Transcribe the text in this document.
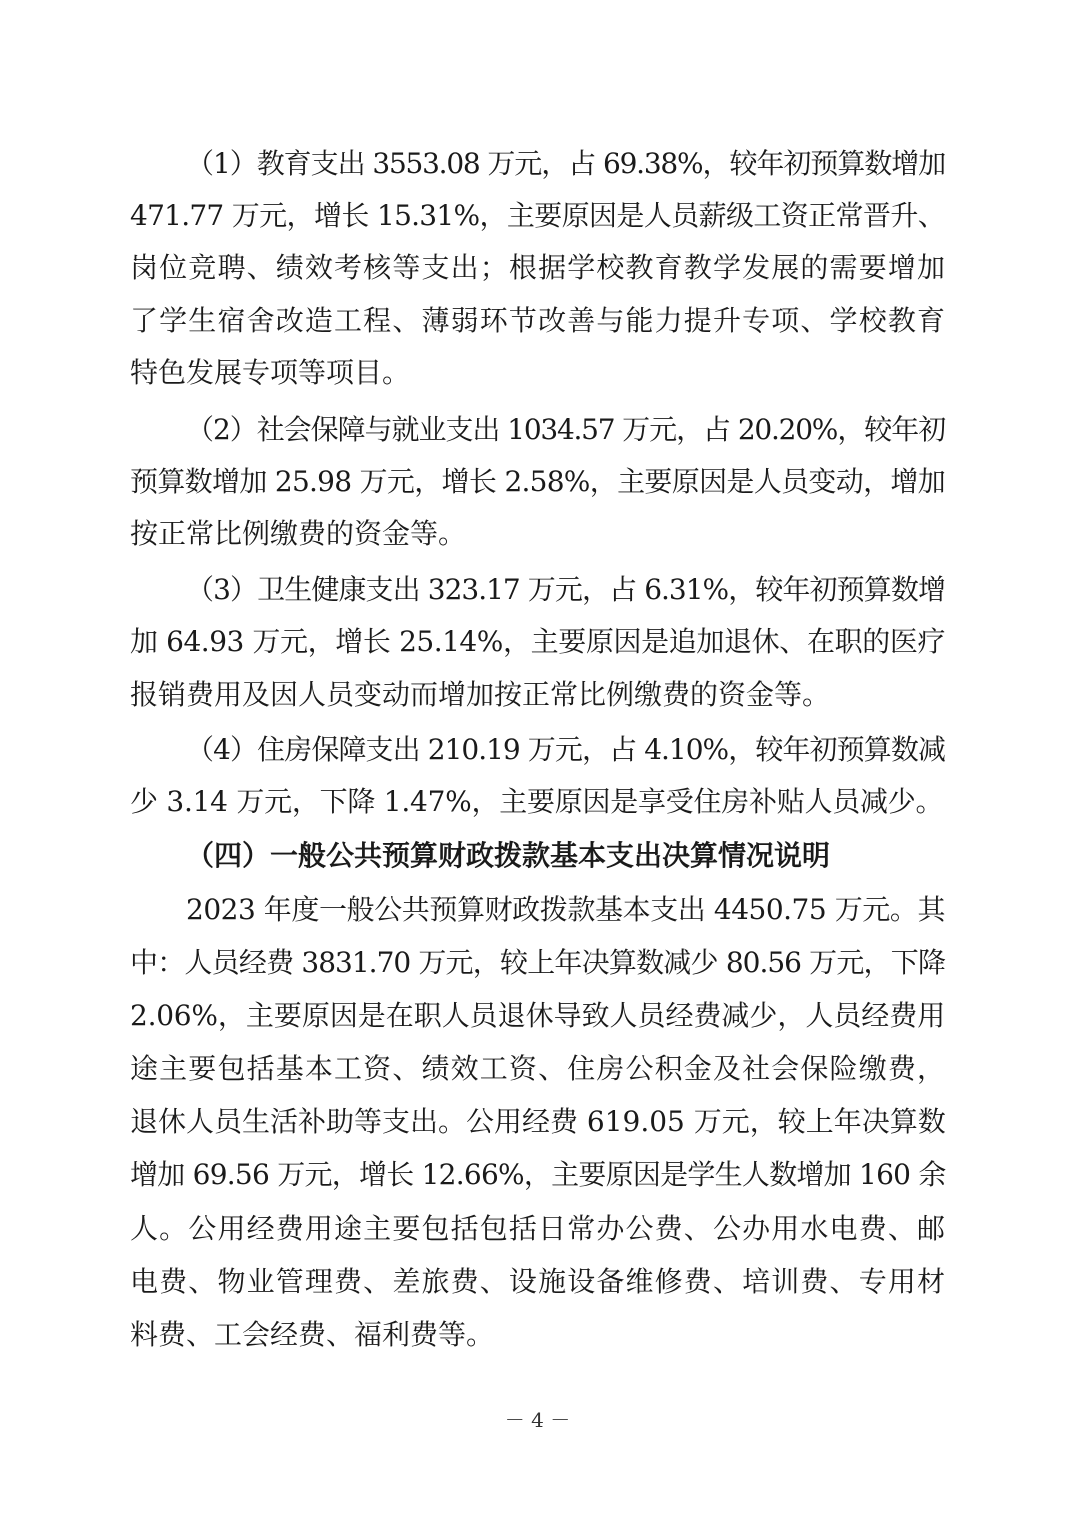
（1）教育支出 3553.08 万元，占 69.38%，较年初预算数增加
471.77 万元，增长 15.31%，主要原因是人员薪级工资正常晋升、
岗位竞聘、绩效考核等支出；根据学校教育教学发展的需要增加
了学生宿舍改造工程、薄弱环节改善与能力提升专项、学校教育
特色发展专项等项目。
（2）社会保障与就业支出 1034.57 万元，占 20.20%，较年初
预算数增加 25.98 万元，增长 2.58%，主要原因是人员变动，增加
按正常比例缴费的资金等。
（3）卫生健康支出 323.17 万元，占 6.31%，较年初预算数增
加 64.93 万元，增长 25.14%，主要原因是追加退休、在职的医疗
报销费用及因人员变动而增加按正常比例缴费的资金等。
（4）住房保障支出 210.19 万元，占 4.10%，较年初预算数减
少 3.14 万元，下降 1.47%，主要原因是享受住房补贴人员减少。
（四）一般公共预算财政拨款基本支出决算情况说明
2023 年度一般公共预算财政拨款基本支出 4450.75 万元。其
中：人员经费 3831.70 万元，较上年决算数减少 80.56 万元，下降
2.06%，主要原因是在职人员退休导致人员经费减少，人员经费用
途主要包括基本工资、绩效工资、住房公积金及社会保险缴费，
退休人员生活补助等支出。公用经费 619.05 万元，较上年决算数
增加 69.56 万元，增长 12.66%，主要原因是学生人数增加 160 余
人。公用经费用途主要包括包括日常办公费、公办用水电费、邮
电费、物业管理费、差旅费、设施设备维修费、培训费、专用材
料费、工会经费、福利费等。
－ 4 －
